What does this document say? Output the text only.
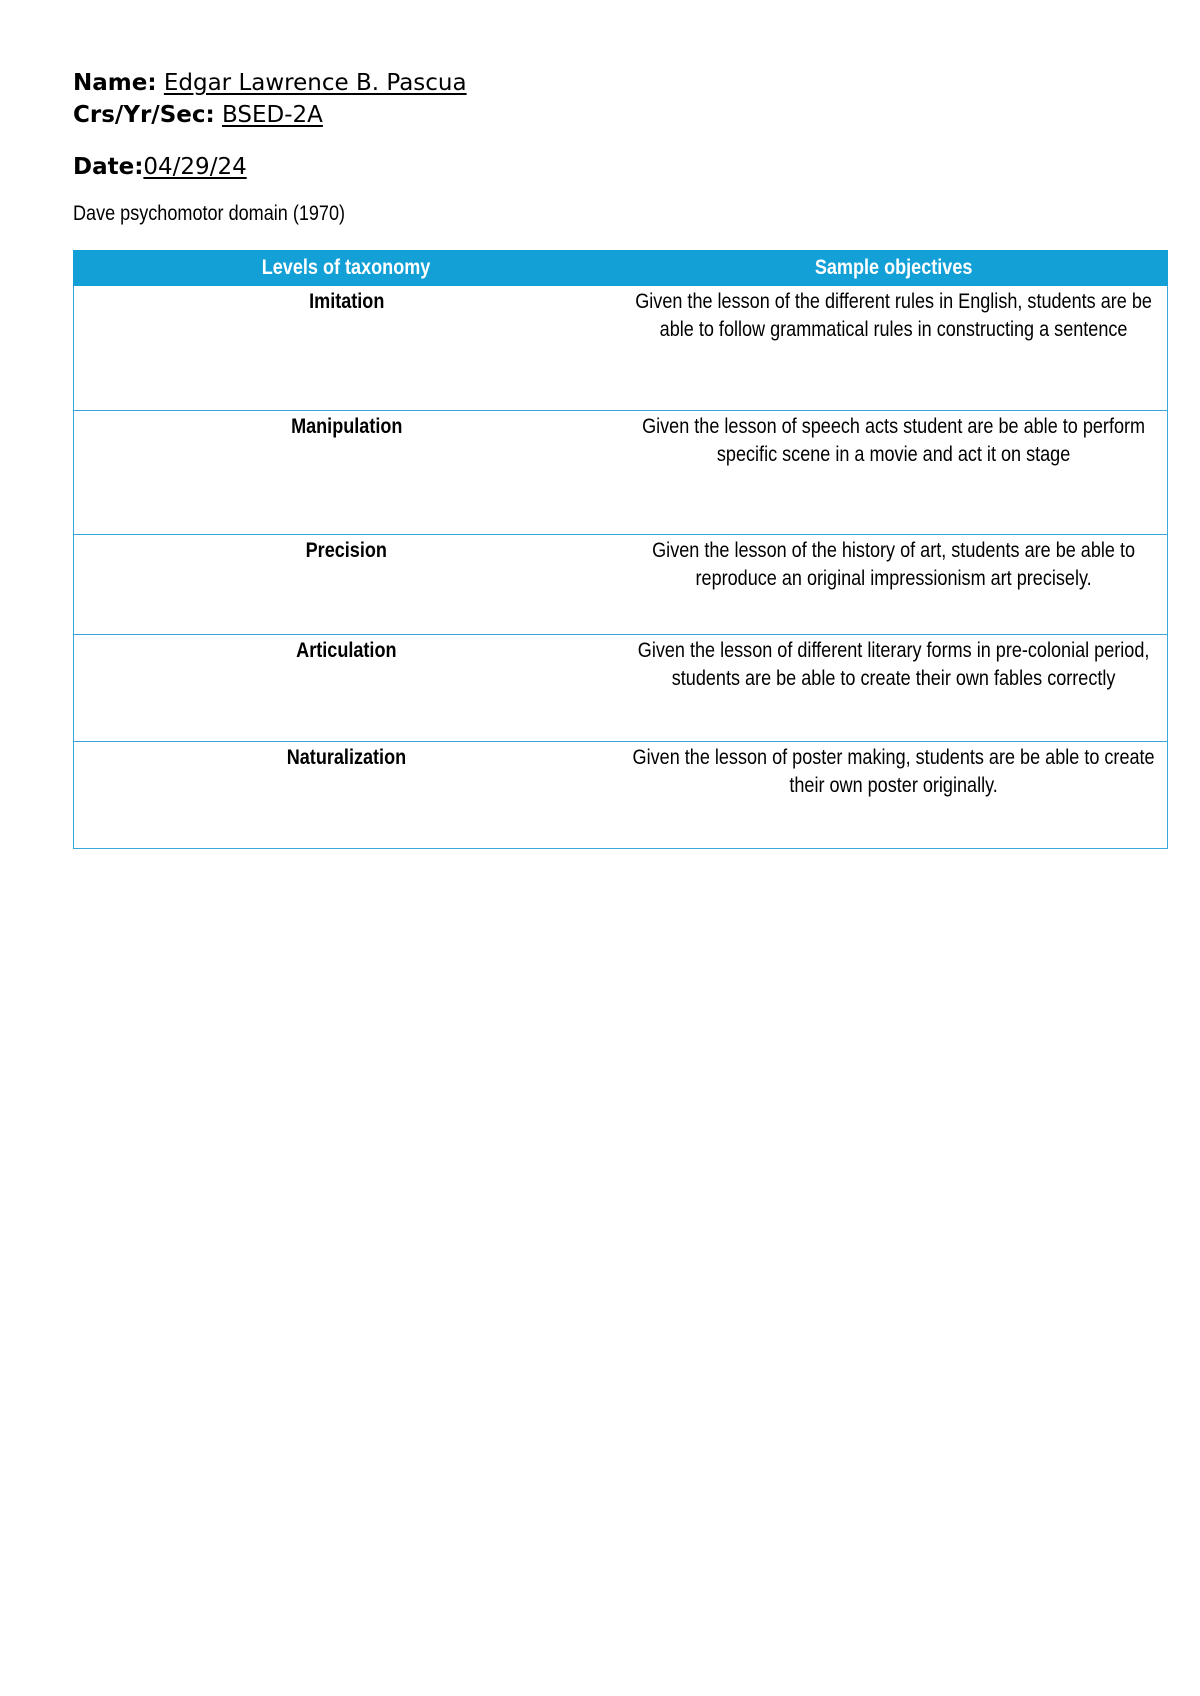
Name: Edgar Lawrence B. Pascua
Crs/Yr/Sec: BSED-2A
Date:04/29/24
Dave psychomotor domain (1970)
Levels of taxonomy	Sample objectives
Imitation	Given the lesson of the different rules in English, students are be able to follow grammatical rules in constructing a sentence

Manipulation	Given the lesson of speech acts student are be able to perform specific scene in a movie and act it on stage

Precision	Given the lesson of the history of art, students are be able to reproduce an original impressionism art precisely.

Articulation	Given the lesson of different literary forms in pre-colonial period, students are be able to create their own fables correctly

Naturalization	Given the lesson of poster making, students are be able to create their own poster originally.
